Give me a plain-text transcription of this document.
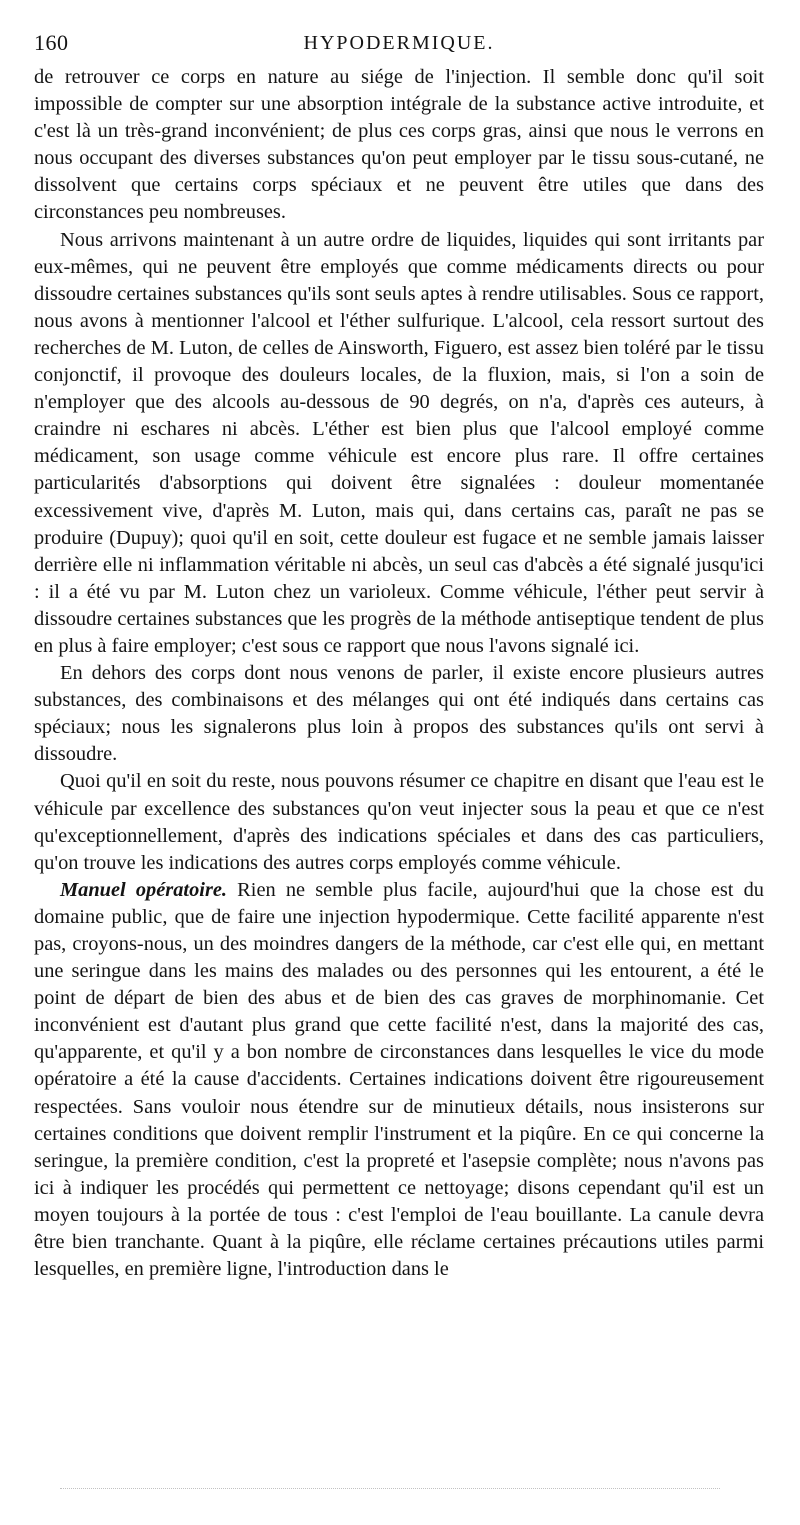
160	HYPODERMIQUE.

de retrouver ce corps en nature au siége de l'injection. Il semble donc qu'il soit impossible de compter sur une absorption intégrale de la substance active introduite, et c'est là un très-grand inconvénient; de plus ces corps gras, ainsi que nous le verrons en nous occupant des diverses substances qu'on peut employer par le tissu sous-cutané, ne dissolvent que certains corps spéciaux et ne peuvent être utiles que dans des circonstances peu nombreuses.

Nous arrivons maintenant à un autre ordre de liquides, liquides qui sont irritants par eux-mêmes, qui ne peuvent être employés que comme médicaments directs ou pour dissoudre certaines substances qu'ils sont seuls aptes à rendre utilisables. Sous ce rapport, nous avons à mentionner l'alcool et l'éther sulfurique. L'alcool, cela ressort surtout des recherches de M. Luton, de celles de Ainsworth, Figuero, est assez bien toléré par le tissu conjonctif, il provoque des douleurs locales, de la fluxion, mais, si l'on a soin de n'employer que des alcools au-dessous de 90 degrés, on n'a, d'après ces auteurs, à craindre ni eschares ni abcès. L'éther est bien plus que l'alcool employé comme médicament, son usage comme véhicule est encore plus rare. Il offre certaines particularités d'absorptions qui doivent être signalées : douleur momentanée excessivement vive, d'après M. Luton, mais qui, dans certains cas, paraît ne pas se produire (Dupuy); quoi qu'il en soit, cette douleur est fugace et ne semble jamais laisser derrière elle ni inflammation véritable ni abcès, un seul cas d'abcès a été signalé jusqu'ici : il a été vu par M. Luton chez un varioleux. Comme véhicule, l'éther peut servir à dissoudre certaines substances que les progrès de la méthode antiseptique tendent de plus en plus à faire employer; c'est sous ce rapport que nous l'avons signalé ici.

En dehors des corps dont nous venons de parler, il existe encore plusieurs autres substances, des combinaisons et des mélanges qui ont été indiqués dans certains cas spéciaux; nous les signalerons plus loin à propos des substances qu'ils ont servi à dissoudre.

Quoi qu'il en soit du reste, nous pouvons résumer ce chapitre en disant que l'eau est le véhicule par excellence des substances qu'on veut injecter sous la peau et que ce n'est qu'exceptionnellement, d'après des indications spéciales et dans des cas particuliers, qu'on trouve les indications des autres corps employés comme véhicule.

Manuel opératoire. Rien ne semble plus facile, aujourd'hui que la chose est du domaine public, que de faire une injection hypodermique. Cette facilité apparente n'est pas, croyons-nous, un des moindres dangers de la méthode, car c'est elle qui, en mettant une seringue dans les mains des malades ou des personnes qui les entourent, a été le point de départ de bien des abus et de bien des cas graves de morphinomanie. Cet inconvénient est d'autant plus grand que cette facilité n'est, dans la majorité des cas, qu'apparente, et qu'il y a bon nombre de circonstances dans lesquelles le vice du mode opératoire a été la cause d'accidents. Certaines indications doivent être rigoureusement respectées. Sans vouloir nous étendre sur de minutieux détails, nous insisterons sur certaines conditions que doivent remplir l'instrument et la piqûre. En ce qui concerne la seringue, la première condition, c'est la propreté et l'asepsie complète; nous n'avons pas ici à indiquer les procédés qui permettent ce nettoyage; disons cependant qu'il est un moyen toujours à la portée de tous : c'est l'emploi de l'eau bouillante. La canule devra être bien tranchante. Quant à la piqûre, elle réclame certaines précautions utiles parmi lesquelles, en première ligne, l'introduction dans le
